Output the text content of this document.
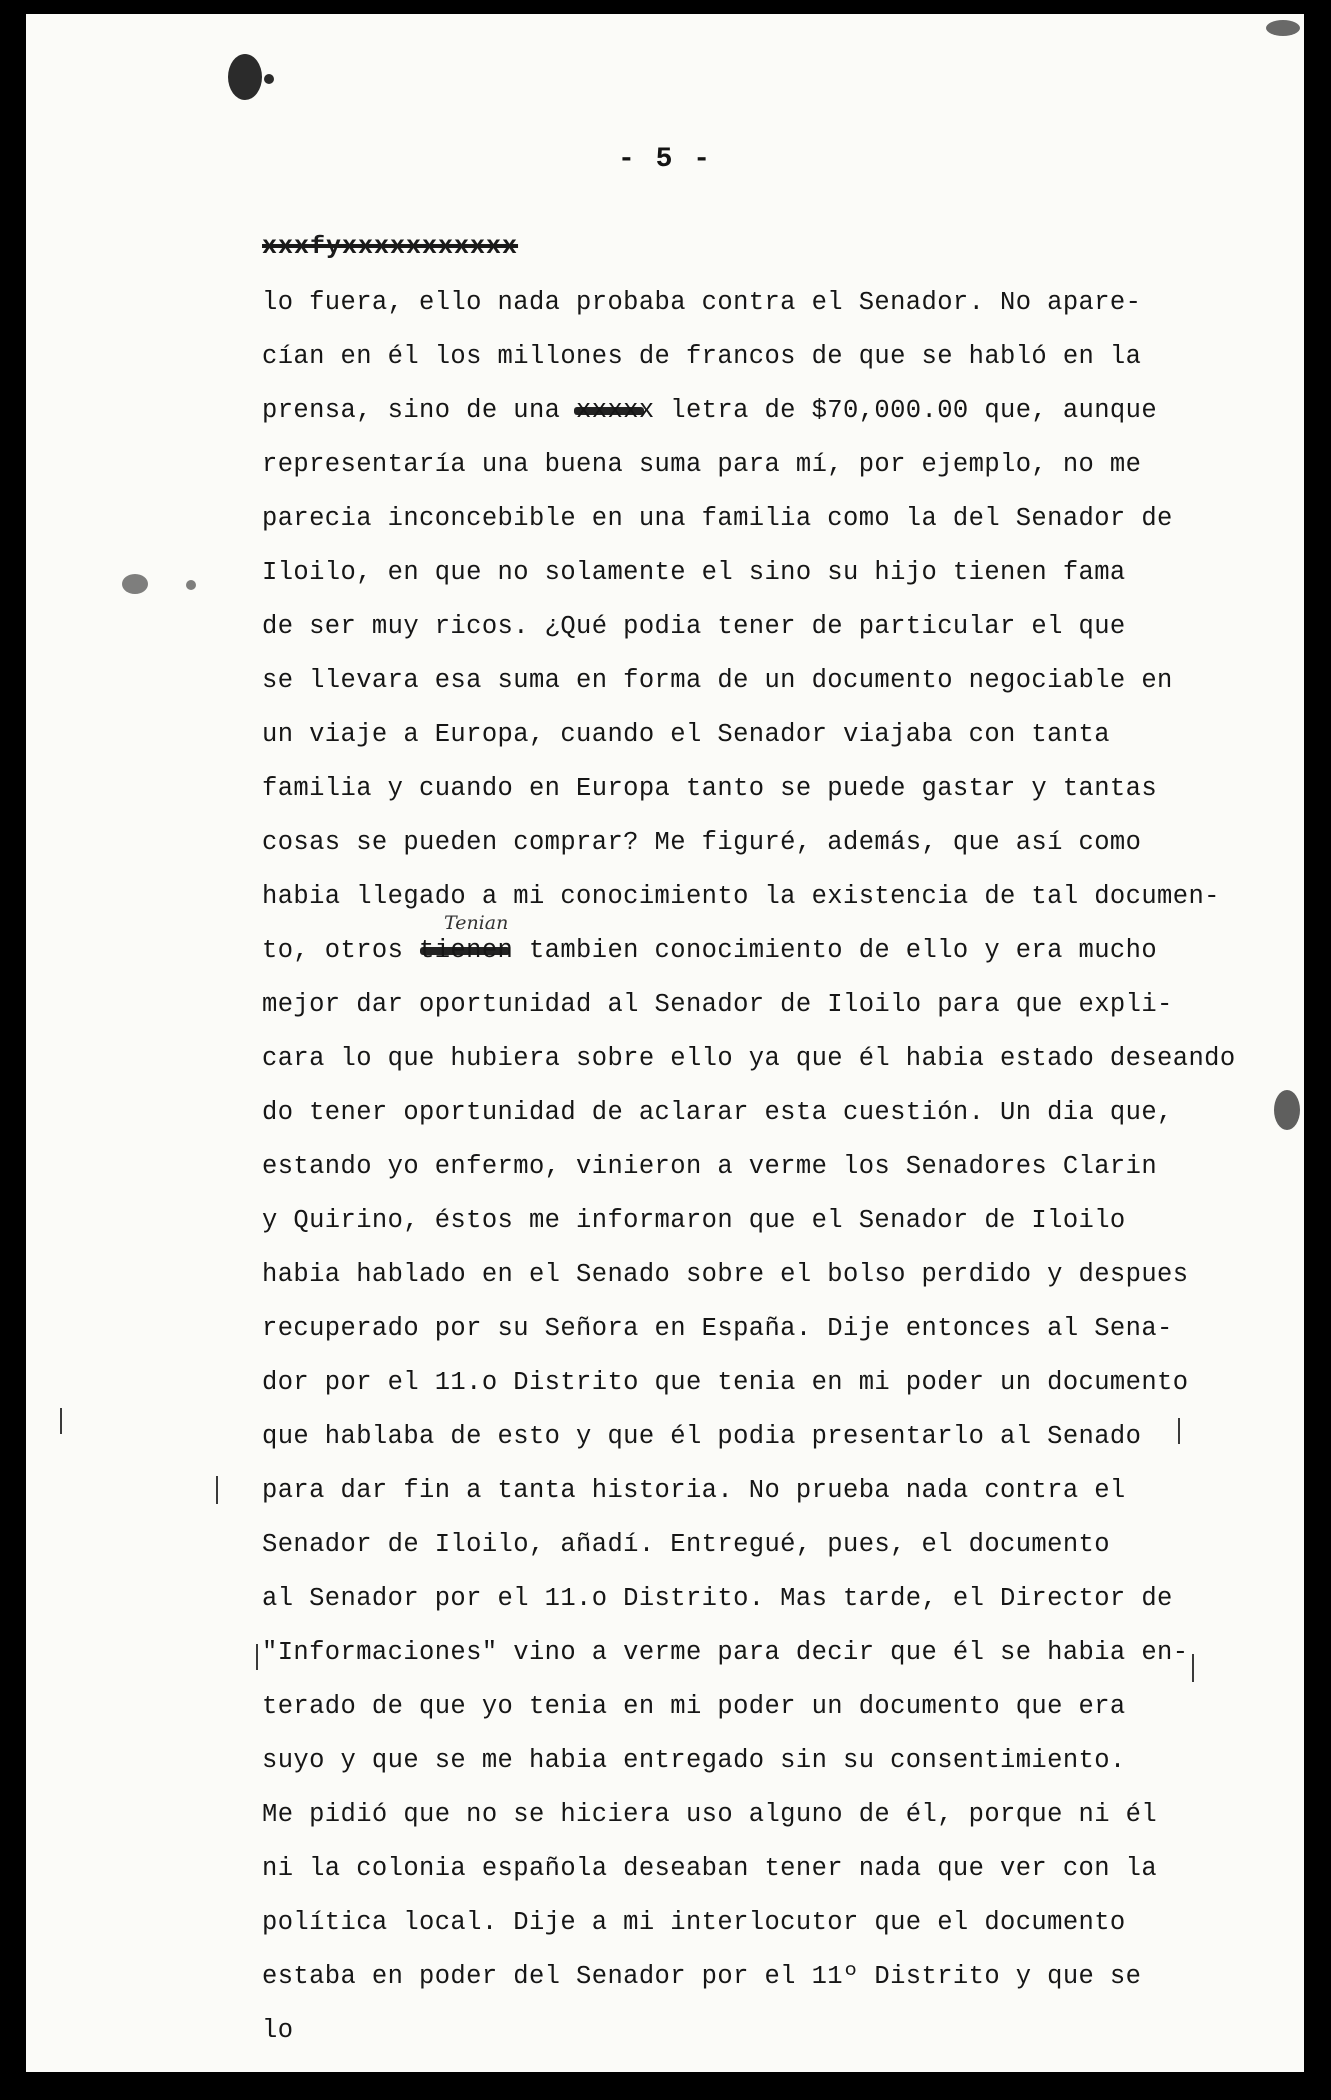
- 5 -
xxxfyxxxxxxxxxxx
Tenian
lo fuera, ello nada probaba contra el Senador. No apare-
cían en él los millones de francos de que se habló en la
prensa, sino de una xxxxx letra de $70,000.00 que, aunque
representaría una buena suma para mí, por ejemplo, no me
parecia inconcebible en una familia como la del Senador de
Iloilo, en que no solamente el sino su hijo tienen fama
de ser muy ricos. ¿Qué podia tener de particular el que
se llevara esa suma en forma de un documento negociable en
un viaje a Europa, cuando el Senador viajaba con tanta
familia y cuando en Europa tanto se puede gastar y tantas
cosas se pueden comprar? Me figuré, además, que así como
habia llegado a mi conocimiento la existencia de tal documen-
to, otros tienen tambien conocimiento de ello y era mucho
mejor dar oportunidad al Senador de Iloilo para que expli-
cara lo que hubiera sobre ello ya que él habia estado deseando
do tener oportunidad de aclarar esta cuestión. Un dia que,
estando yo enfermo, vinieron a verme los Senadores Clarin
y Quirino, éstos me informaron que el Senador de Iloilo
habia hablado en el Senado sobre el bolso perdido y despues
recuperado por su Señora en España. Dije entonces al Sena-
dor por el 11.o Distrito que tenia en mi poder un documento
que hablaba de esto y que él podia presentarlo al Senado
para dar fin a tanta historia. No prueba nada contra el
Senador de Iloilo, añadí. Entregué, pues, el documento
al Senador por el 11.o Distrito. Mas tarde, el Director de
"Informaciones" vino a verme para decir que él se habia en-
terado de que yo tenia en mi poder un documento que era
suyo y que se me habia entregado sin su consentimiento.
Me pidió que no se hiciera uso alguno de él, porque ni él
ni la colonia española deseaban tener nada que ver con la
política local. Dije a mi interlocutor que el documento
estaba en poder del Senador por el 11º Distrito y que se
lo
